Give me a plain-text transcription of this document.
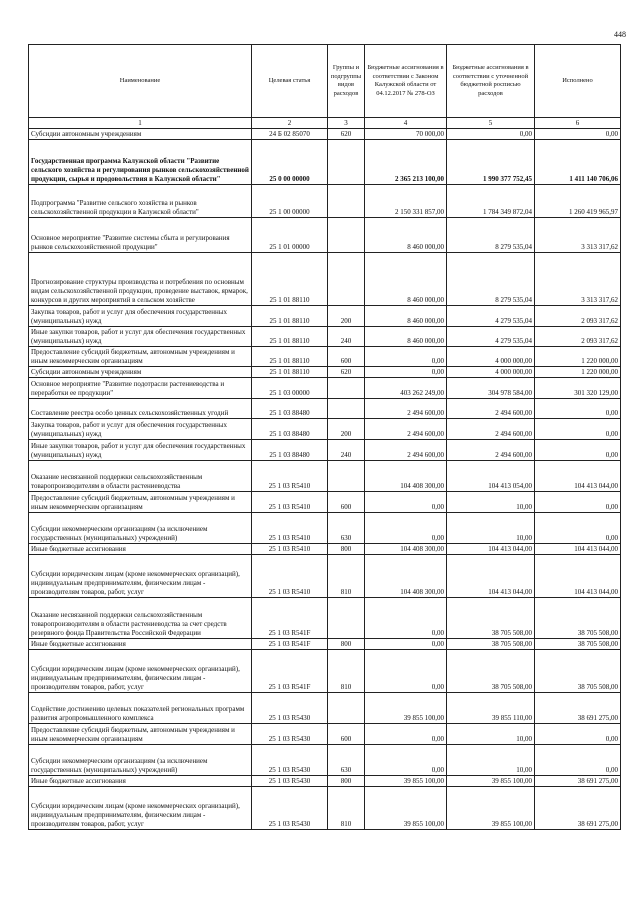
448
Наименование	Целевая статья	Группы и подгруппы видов расходов	Бюджетные ассигнования в соответствии с Законом Калужской области от 04.12.2017 № 278-ОЗ	Бюджетные ассигнования в соответствии с уточненной бюджетной росписью расходов	Исполнено
1	2	3	4	5	6
Субсидии автономным учреждениям	24 Б 02 85070	620	70 000,00	0,00	0,00
Государственная программа Калужской области "Развитие сельского хозяйства и регулирования рынков сельскохозяйственной продукции, сырья и продовольствия в Калужской области"	25 0 00 00000		2 365 213 100,00	1 990 377 752,45	1 411 140 706,06
Подпрограмма "Развитие сельского хозяйства и рынков сельскохозяйственной продукции в Калужской области"	25 1 00 00000		2 150 331 857,00	1 784 349 872,04	1 260 419 965,97
Основное мероприятие "Развитие системы сбыта и регулирования рынков сельскохозяйственной продукции"	25 1 01 00000		8 460 000,00	8 279 535,04	3 313 317,62
Прогнозирование структуры производства и потребления по основным видам сельскохозяйственной продукции, проведение выставок, ярмарок, конкурсов и других мероприятий в сельском хозяйстве	25 1 01 88110		8 460 000,00	8 279 535,04	3 313 317,62
Закупка товаров, работ и услуг для обеспечения государственных (муниципальных) нужд	25 1 01 88110	200	8 460 000,00	4 279 535,04	2 093 317,62
Иные закупки товаров, работ и услуг для обеспечения государственных (муниципальных) нужд	25 1 01 88110	240	8 460 000,00	4 279 535,04	2 093 317,62
Предоставление субсидий бюджетным, автономным учреждениям и иным некоммерческим организациям	25 1 01 88110	600	0,00	4 000 000,00	1 220 000,00
Субсидии автономным учреждениям	25 1 01 88110	620	0,00	4 000 000,00	1 220 000,00
Основное мероприятие "Развитие подотрасли растениеводства и переработки ее продукции"	25 1 03 00000		403 262 249,00	304 978 584,00	301 320 129,00
Составление реестра особо ценных сельскохозяйственных угодий	25 1 03 88480		2 494 600,00	2 494 600,00	0,00
Закупка товаров, работ и услуг для обеспечения государственных (муниципальных) нужд	25 1 03 88480	200	2 494 600,00	2 494 600,00	0,00
Иные закупки товаров, работ и услуг для обеспечения государственных (муниципальных) нужд	25 1 03 88480	240	2 494 600,00	2 494 600,00	0,00
Оказание несвязанной поддержки сельскохозяйственным товаропроизводителям в области растениеводства	25 1 03 R5410		104 408 300,00	104 413 054,00	104 413 044,00
Предоставление субсидий бюджетным, автономным учреждениям и иным некоммерческим организациям	25 1 03 R5410	600	0,00	10,00	0,00
Субсидии некоммерческим организациям (за исключением государственных (муниципальных) учреждений)	25 1 03 R5410	630	0,00	10,00	0,00
Иные бюджетные ассигнования	25 1 03 R5410	800	104 408 300,00	104 413 044,00	104 413 044,00
Субсидии юридическим лицам (кроме некоммерческих организаций), индивидуальным предпринимателям, физическим лицам - производителям товаров, работ, услуг	25 1 03 R5410	810	104 408 300,00	104 413 044,00	104 413 044,00
Оказание несвязанной поддержки сельскохозяйственным товаропроизводителям в области растениеводства за счет средств резервного фонда Правительства Российской Федерации	25 1 03 R541F		0,00	38 705 508,00	38 705 508,00
Иные бюджетные ассигнования	25 1 03 R541F	800	0,00	38 705 508,00	38 705 508,00
Субсидии юридическим лицам (кроме некоммерческих организаций), индивидуальным предпринимателям, физическим лицам - производителям товаров, работ, услуг	25 1 03 R541F	810	0,00	38 705 508,00	38 705 508,00
Содействие достижению целевых показателей региональных программ развития агропромышленного комплекса	25 1 03 R5430		39 855 100,00	39 855 110,00	38 691 275,00
Предоставление субсидий бюджетным, автономным учреждениям и иным некоммерческим организациям	25 1 03 R5430	600	0,00	10,00	0,00
Субсидии некоммерческим организациям (за исключением государственных (муниципальных) учреждений)	25 1 03 R5430	630	0,00	10,00	0,00
Иные бюджетные ассигнования	25 1 03 R5430	800	39 855 100,00	39 855 100,00	38 691 275,00
Субсидии юридическим лицам (кроме некоммерческих организаций), индивидуальным предпринимателям, физическим лицам - производителям товаров, работ, услуг	25 1 03 R5430	810	39 855 100,00	39 855 100,00	38 691 275,00
